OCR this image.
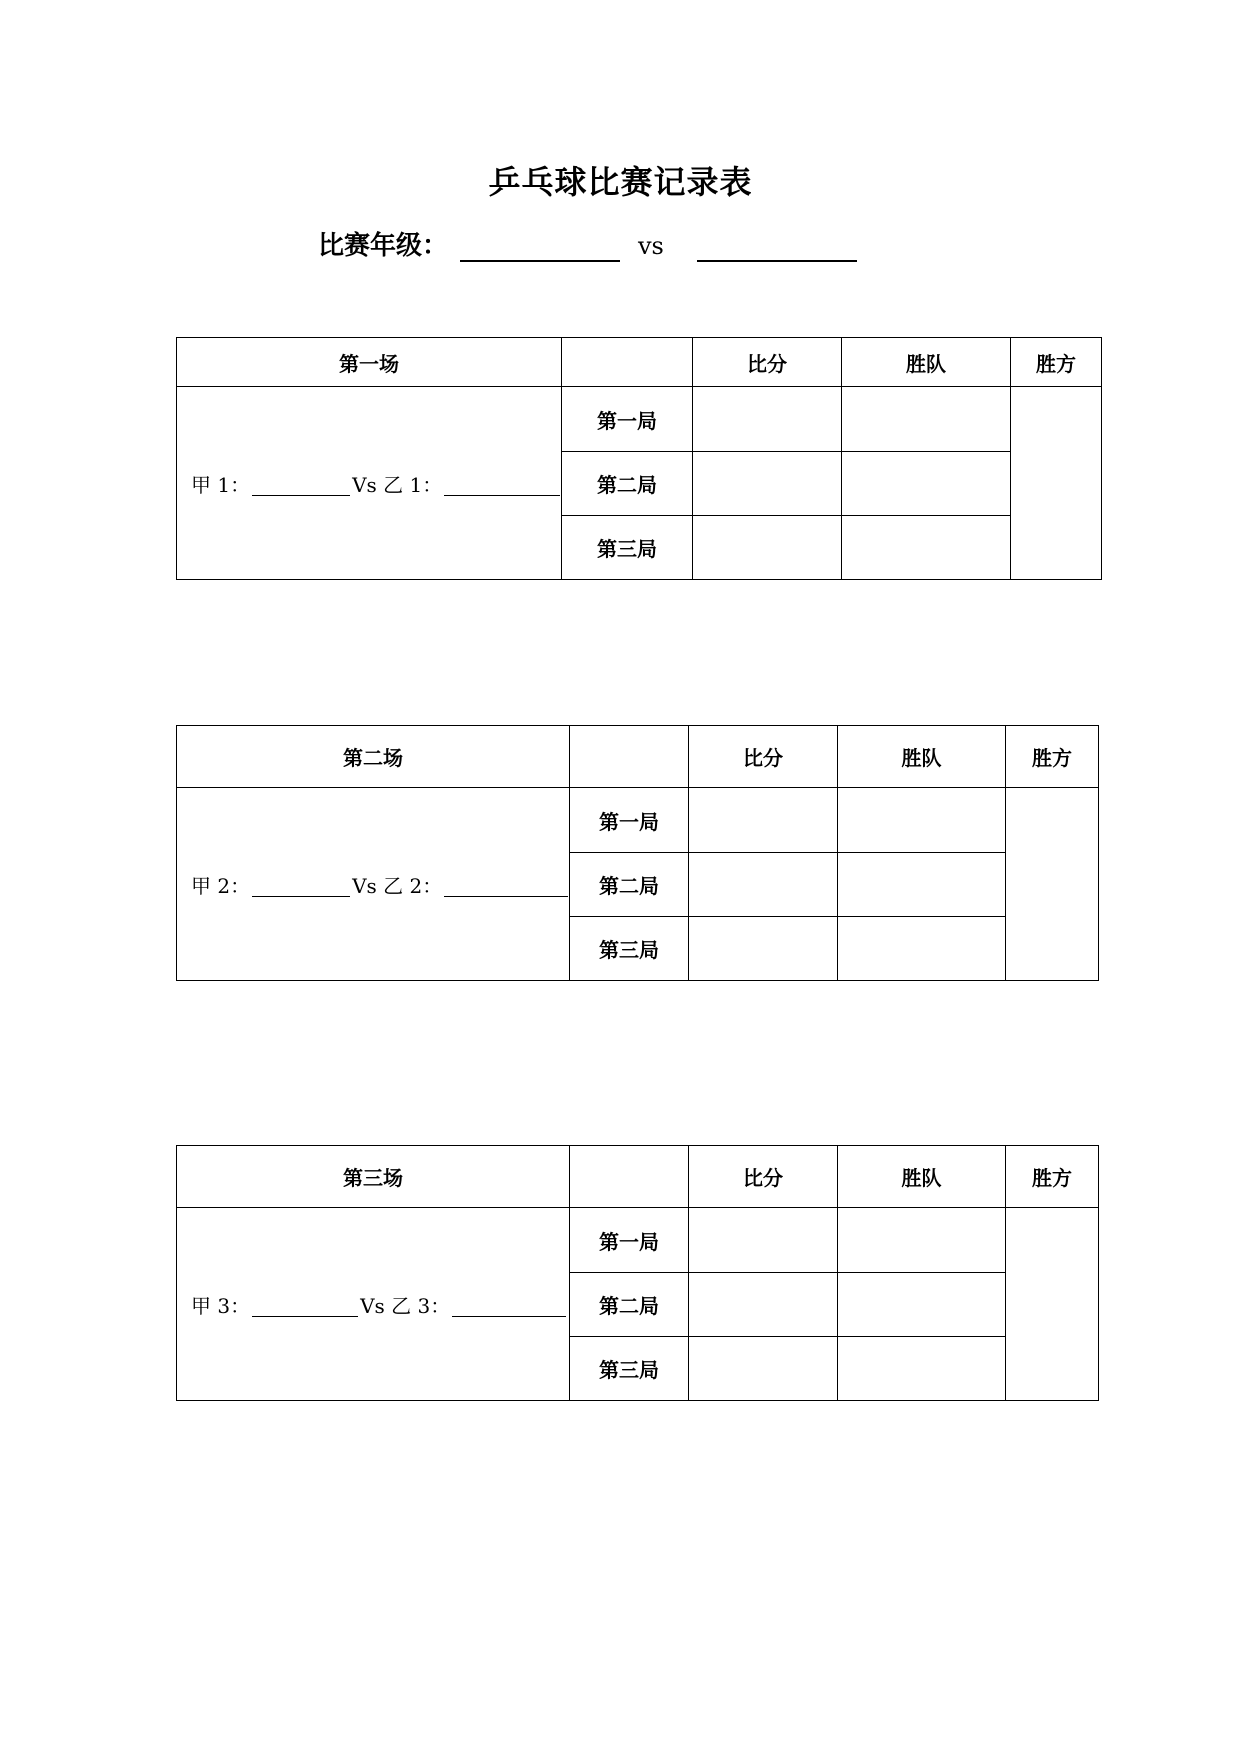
乒乓球比赛记录表
比赛年级：	vs
第一场		比分	胜队	胜方
甲 1： Vs 乙 1：	第一局			
	第二局			
	第三局			
第二场		比分	胜队	胜方
甲 2： Vs 乙 2：	第一局			
	第二局			
	第三局			
第三场		比分	胜队	胜方
甲 3： Vs 乙 3：	第一局			
	第二局			
	第三局			
